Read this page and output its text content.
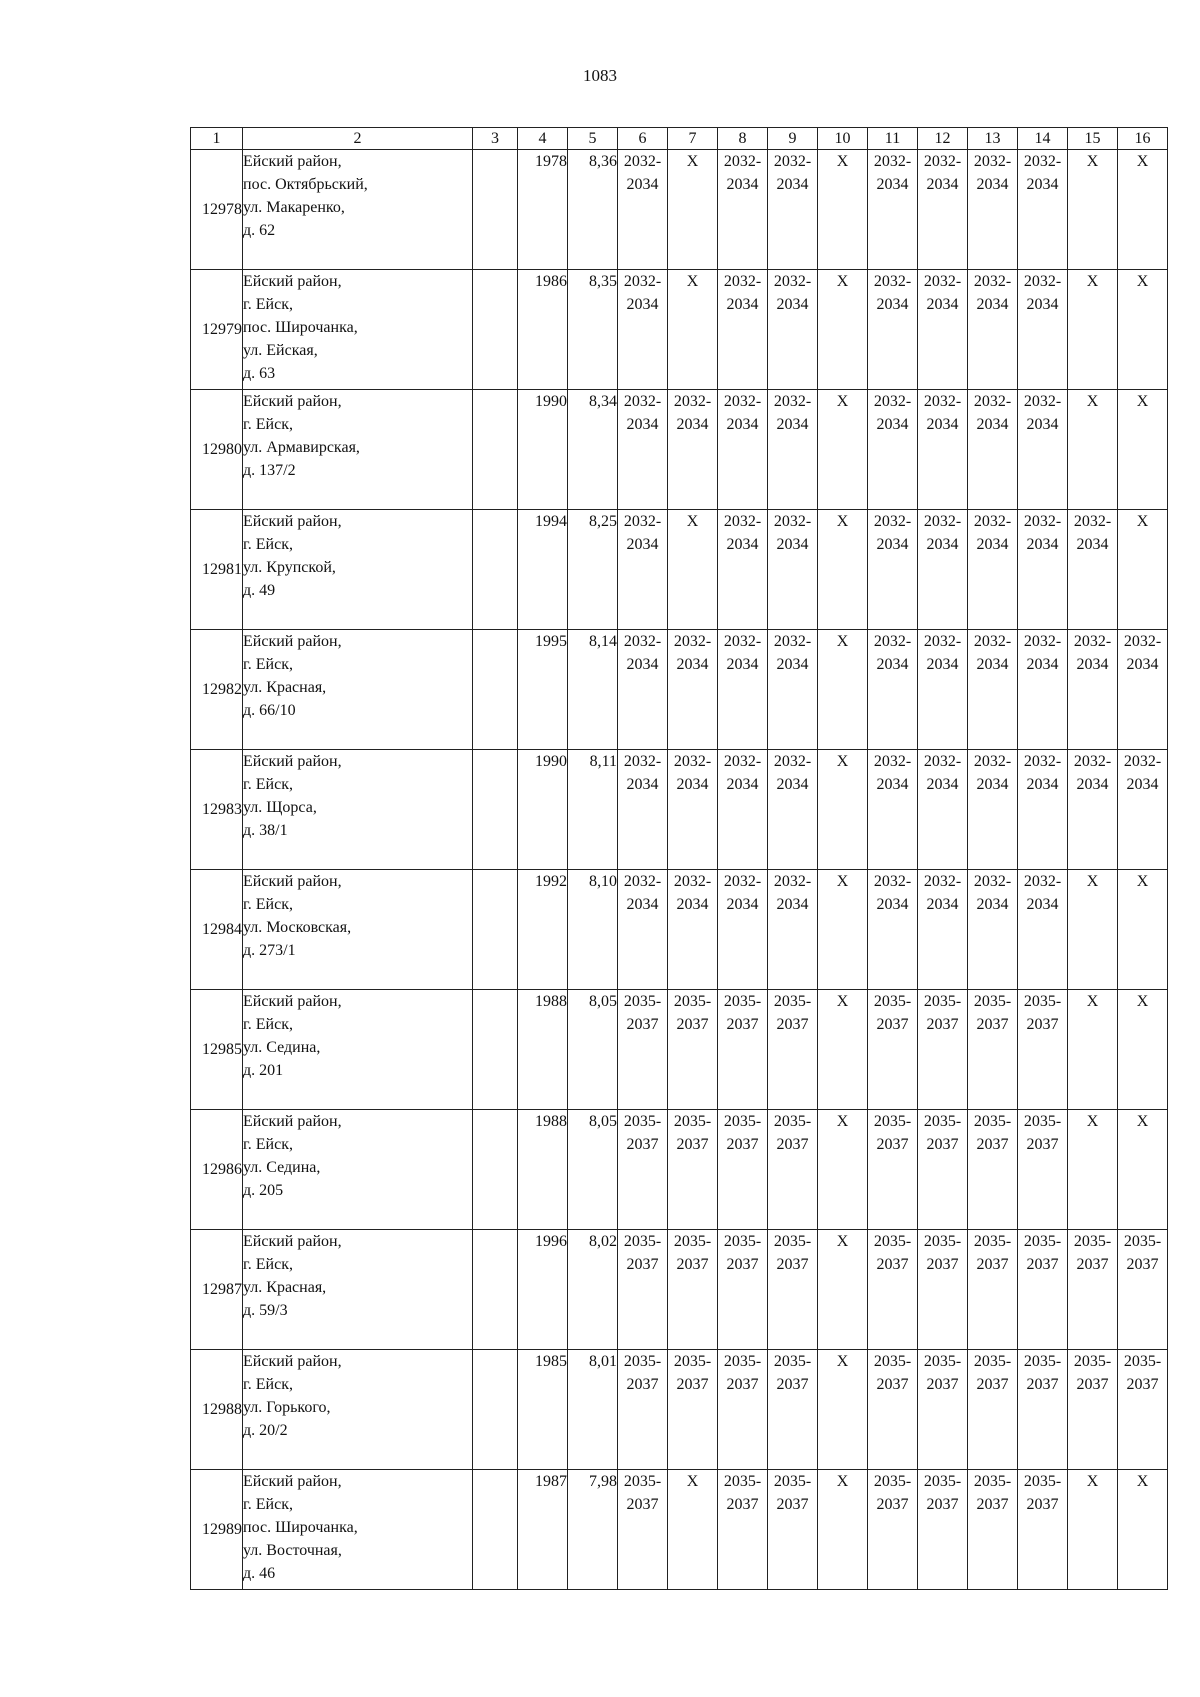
1083
1	2	3	4	5	6	7	8	9	10	11	12	13	14	15	16
12978	Ейский район,
пос. Октябрьский,
ул. Макаренко,
д. 62		1978	8,36	2032-
2034	X	2032-
2034	2032-
2034	X	2032-
2034	2032-
2034	2032-
2034	2032-
2034	X	X

12979	Ейский район,
г. Ейск,
пос. Широчанка,
ул. Ейская,
д. 63		1986	8,35	2032-
2034	X	2032-
2034	2032-
2034	X	2032-
2034	2032-
2034	2032-
2034	2032-
2034	X	X

12980	Ейский район,
г. Ейск,
ул. Армавирская,
д. 137/2		1990	8,34	2032-
2034	2032-
2034	2032-
2034	2032-
2034	X	2032-
2034	2032-
2034	2032-
2034	2032-
2034	X	X

12981	Ейский район,
г. Ейск,
ул. Крупской,
д. 49		1994	8,25	2032-
2034	X	2032-
2034	2032-
2034	X	2032-
2034	2032-
2034	2032-
2034	2032-
2034	2032-
2034	X

12982	Ейский район,
г. Ейск,
ул. Красная,
д. 66/10		1995	8,14	2032-
2034	2032-
2034	2032-
2034	2032-
2034	X	2032-
2034	2032-
2034	2032-
2034	2032-
2034	2032-
2034	2032-
2034

12983	Ейский район,
г. Ейск,
ул. Щорса,
д. 38/1		1990	8,11	2032-
2034	2032-
2034	2032-
2034	2032-
2034	X	2032-
2034	2032-
2034	2032-
2034	2032-
2034	2032-
2034	2032-
2034

12984	Ейский район,
г. Ейск,
ул. Московская,
д. 273/1		1992	8,10	2032-
2034	2032-
2034	2032-
2034	2032-
2034	X	2032-
2034	2032-
2034	2032-
2034	2032-
2034	X	X

12985	Ейский район,
г. Ейск,
ул. Седина,
д. 201		1988	8,05	2035-
2037	2035-
2037	2035-
2037	2035-
2037	X	2035-
2037	2035-
2037	2035-
2037	2035-
2037	X	X

12986	Ейский район,
г. Ейск,
ул. Седина,
д. 205		1988	8,05	2035-
2037	2035-
2037	2035-
2037	2035-
2037	X	2035-
2037	2035-
2037	2035-
2037	2035-
2037	X	X

12987	Ейский район,
г. Ейск,
ул. Красная,
д. 59/3		1996	8,02	2035-
2037	2035-
2037	2035-
2037	2035-
2037	X	2035-
2037	2035-
2037	2035-
2037	2035-
2037	2035-
2037	2035-
2037

12988	Ейский район,
г. Ейск,
ул. Горького,
д. 20/2		1985	8,01	2035-
2037	2035-
2037	2035-
2037	2035-
2037	X	2035-
2037	2035-
2037	2035-
2037	2035-
2037	2035-
2037	2035-
2037

12989	Ейский район,
г. Ейск,
пос. Широчанка,
ул. Восточная,
д. 46		1987	7,98	2035-
2037	X	2035-
2037	2035-
2037	X	2035-
2037	2035-
2037	2035-
2037	2035-
2037	X	X
